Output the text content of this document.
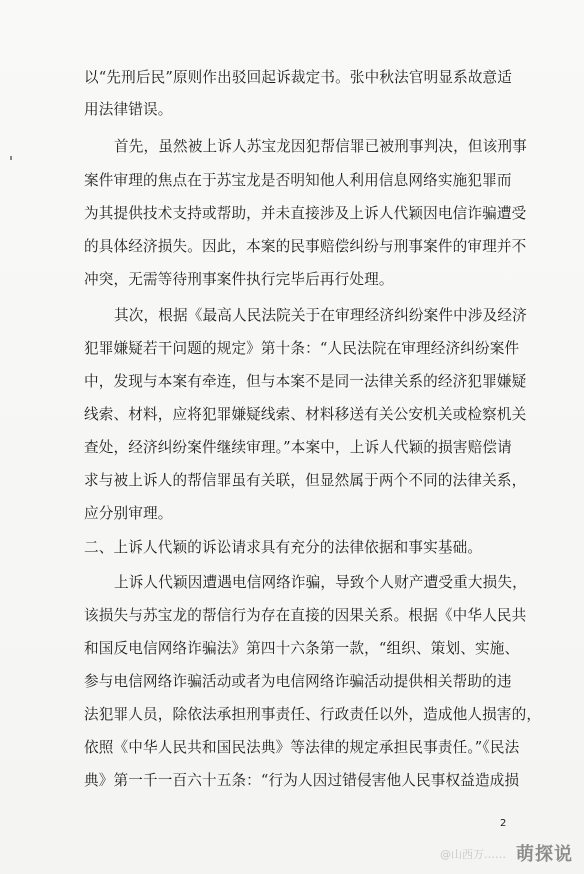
以“先刑后民”原则作出驳回起诉裁定书。张中秋法官明显系故意适
用法律错误。
首先，虽然被上诉人苏宝龙因犯帮信罪已被刑事判决，但该刑事
案件审理的焦点在于苏宝龙是否明知他人利用信息网络实施犯罪而
为其提供技术支持或帮助，并未直接涉及上诉人代颖因电信诈骗遭受
的具体经济损失。因此，本案的民事赔偿纠纷与刑事案件的审理并不
冲突，无需等待刑事案件执行完毕后再行处理。
其次，根据《最高人民法院关于在审理经济纠纷案件中涉及经济
犯罪嫌疑若干问题的规定》第十条：“人民法院在审理经济纠纷案件
中，发现与本案有牵连，但与本案不是同一法律关系的经济犯罪嫌疑
线索、材料，应将犯罪嫌疑线索、材料移送有关公安机关或检察机关
查处，经济纠纷案件继续审理。”本案中，上诉人代颖的损害赔偿请
求与被上诉人的帮信罪虽有关联，但显然属于两个不同的法律关系，
应分别审理。
二、上诉人代颖的诉讼请求具有充分的法律依据和事实基础。
上诉人代颖因遭遇电信网络诈骗，导致个人财产遭受重大损失，
该损失与苏宝龙的帮信行为存在直接的因果关系。根据《中华人民共
和国反电信网络诈骗法》第四十六条第一款，“组织、策划、实施、
参与电信网络诈骗活动或者为电信网络诈骗活动提供相关帮助的违
法犯罪人员，除依法承担刑事责任、行政责任以外，造成他人损害的，
依照《中华人民共和国民法典》等法律的规定承担民事责任。”《民法
典》第一千一百六十五条：“行为人因过错侵害他人民事权益造成损
2
@山西万…… 萌探说
